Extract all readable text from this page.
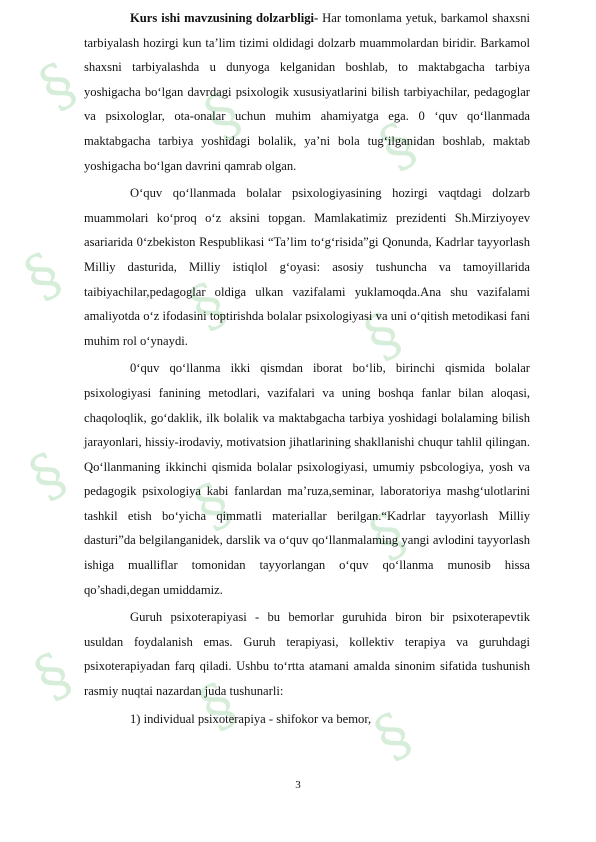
§ § §
§ § §
§ § §
§ § §

Kurs ishi mavzusining dolzarbligi- Har tomonlama yetuk, barkamol shaxsni tarbiyalash hozirgi kun ta’lim tizimi oldidagi dolzarb muammolardan biridir. Barkamol shaxsni tarbiyalashda u dunyoga kelganidan boshlab, to maktabgacha tarbiya yoshigacha bo‘lgan davrdagi psixologik xususiyatlarini bilish tarbiyachilar, pedagoglar va psixologlar, ota-onalar uchun muhim ahamiyatga ega. 0 ‘quv qo‘llanmada maktabgacha tarbiya yoshidagi bolalik, ya’ni bola tug‘ilganidan boshlab, maktab yoshigacha bo‘lgan davrini qamrab olgan.

O‘quv qo‘llanmada bolalar psixologiyasining hozirgi vaqtdagi dolzarb muammolari ko‘proq o‘z aksini topgan. Mamlakatimiz prezidenti Sh.Mirziyoyev asariarida 0‘zbekiston Respublikasi “Ta’lim to‘g‘risida”gi Qonunda, Kadrlar tayyorlash Milliy dasturida, Milliy istiqlol g‘oyasi: asosiy tushuncha va tamoyillarida taibiyachilar,pedagoglar oldiga ulkan vazifalami yuklamoqda.Ana shu vazifalami amaliyotda o‘z ifodasini toptirishda bolalar psixologiyasi va uni o‘qitish metodikasi fani muhim rol o‘ynaydi.

0‘quv qo‘llanma ikki qismdan iborat bo‘lib, birinchi qismida bolalar psixologiyasi fanining metodlari, vazifalari va uning boshqa fanlar bilan aloqasi, chaqoloqlik, go‘daklik, ilk bolalik va maktabgacha tarbiya yoshidagi bolalaming bilish jarayonlari, hissiy-irodaviy, motivatsion jihatlarining shakllanishi chuqur tahlil qilingan. Qo‘llanmaning ikkinchi qismida bolalar psixologiyasi, umumiy psbcologiya, yosh va pedagogik psixologiya kabi fanlardan ma’ruza,seminar, laboratoriya mashg‘ulotlarini tashkil etish bo‘yicha qimmatli materiallar berilgan.“Kadrlar tayyorlash Milliy dasturi”da belgilanganidek, darslik va o‘quv qo‘llanmalaming yangi avlodini tayyorlash ishiga mualliflar tomonidan tayyorlangan o‘quv qo‘llanma munosib hissa qo’shadi,degan umiddamiz.

Guruh psixoterapiyasi - bu bemorlar guruhida biron bir psixoterapevtik usuldan foydalanish emas. Guruh terapiyasi, kollektiv terapiya va guruhdagi psixoterapiyadan farq qiladi. Ushbu to‘rtta atamani amalda sinonim sifatida tushunish rasmiy nuqtai nazardan juda tushunarli:

1) individual psixoterapiya - shifokor va bemor,

3
